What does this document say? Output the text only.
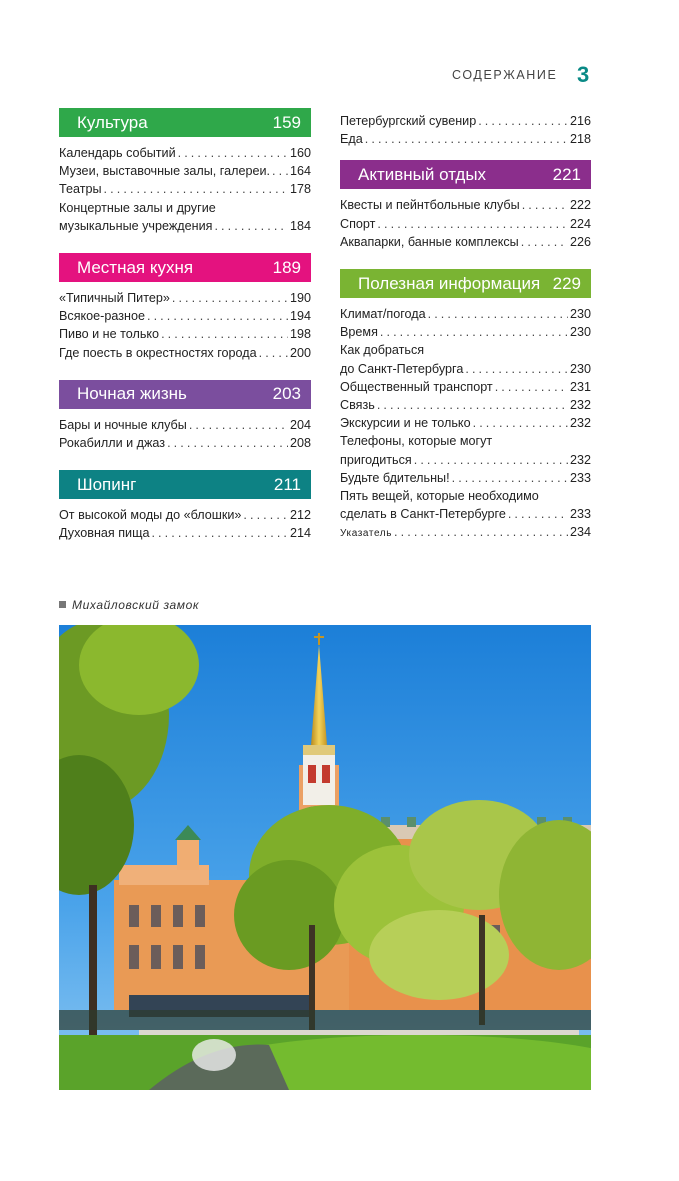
СОДЕРЖАНИЕ 3
Культура	159
Календарь событий . . .	160
Музеи, выставочные залы, галереи. . . . 164
Театры . . .	178
Концертные залы и другие
музыкальные учреждения . . .	184
Местная кухня	189
«Типичный Питер» . . .	190
Всякое-разное . . .	194
Пиво и не только . . .	198
Где поесть в окрестностях города . . .	200
Ночная жизнь	203
Бары и ночные клубы . . .	204
Рокабилли и джаз . . .	208
Шопинг	211
От высокой моды до «блошки» . . .	212
Духовная пища . . .	214
Петербургский сувенир . . .	216
Еда . . .	218
Активный отдых	221
Квесты и пейнтбольные клубы . . .	222
Спорт . . .	224
Аквапарки, банные комплексы . . .	226
Полезная информация 229
Климат/погода . . .	230
Время . . .	230
Как добраться
до Санкт-Петербурга . . .	230
Общественный транспорт . . .	231
Связь . . .	232
Экскурсии и не только . . .	232
Телефоны, которые могут
пригодиться . . .	232
Будьте бдительны! . . .	233
Пять вещей, которые необходимо
сделать в Санкт-Петербурге . . .	233
Указатель . . .	234
Михайловский замок
